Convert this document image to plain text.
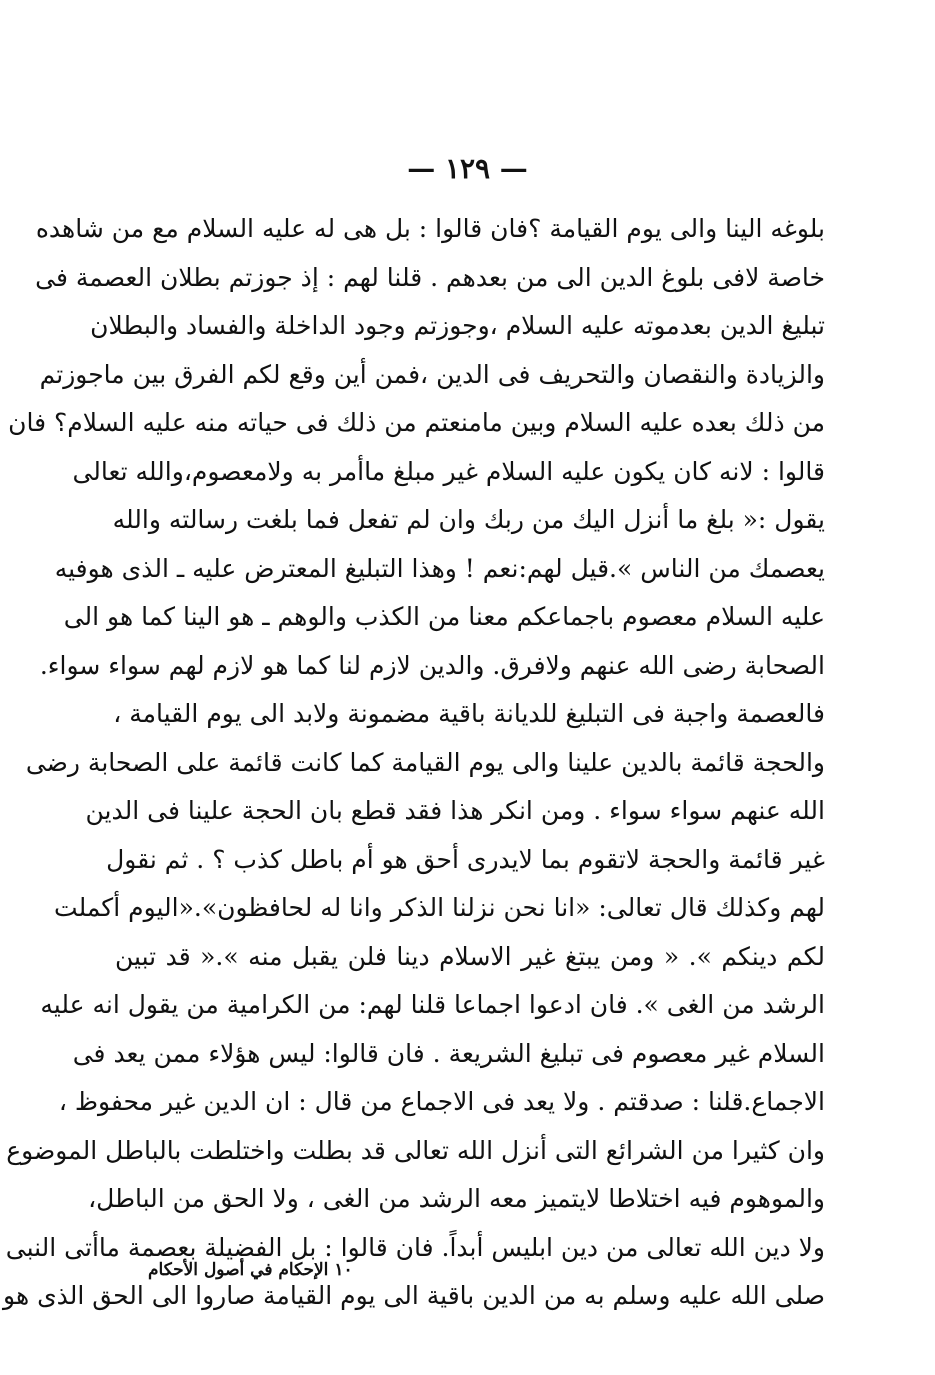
— ١٢٩ —
بلوغه الينا والى يوم القيامة ؟فان قالوا : بل هى له عليه السلام مع من شاهده
خاصة لافى بلوغ الدين الى من بعدهم . قلنا لهم : إذ جوزتم بطلان العصمة فى
تبليغ الدين بعدموته عليه السلام ،وجوزتم وجود الداخلة والفساد والبطلان
والزيادة والنقصان والتحريف فى الدين ،فمن أين وقع لكم الفرق بين ماجوزتم
من ذلك بعده عليه السلام وبين مامنعتم من ذلك فى حياته منه عليه السلام؟ فان
قالوا : لانه كان يكون عليه السلام غير مبلغ ماأمر به ولامعصوم،والله تعالى
يقول :« بلغ ما أنزل اليك من ربك وان لم تفعل فما بلغت رسالته والله
يعصمك من الناس ».قيل لهم:نعم ! وهذا التبليغ المعترض عليه ـ الذى هوفيه
عليه السلام معصوم باجماعكم معنا من الكذب والوهم ـ هو الينا كما هو الى
الصحابة رضى الله عنهم ولافرق. والدين لازم لنا كما هو لازم لهم سواء سواء.
فالعصمة واجبة فى التبليغ للديانة باقية مضمونة ولابد الى يوم القيامة ،
والحجة قائمة بالدين علينا والى يوم القيامة كما كانت قائمة على الصحابة رضى
الله عنهم سواء سواء . ومن انكر هذا فقد قطع بان الحجة علينا فى الدين
غير قائمة والحجة لاتقوم بما لايدرى أحق هو أم باطل كذب ؟ . ثم نقول
لهم وكذلك قال تعالى: «انا نحن نزلنا الذكر وانا له لحافظون».«اليوم أكملت
لكم دينكم ». « ومن يبتغ غير الاسلام دينا فلن يقبل منه ».« قد تبين
الرشد من الغى ». فان ادعوا اجماعا قلنا لهم: من الكرامية من يقول انه عليه
السلام غير معصوم فى تبليغ الشريعة . فان قالوا: ليس هؤلاء ممن يعد فى
الاجماع.قلنا : صدقتم . ولا يعد فى الاجماع من قال : ان الدين غير محفوظ ،
وان كثيرا من الشرائع التى أنزل الله تعالى قد بطلت واختلطت بالباطل الموضوع
والموهوم فيه اختلاطا لايتميز معه الرشد من الغى ، ولا الحق من الباطل،
ولا دين الله تعالى من دين ابليس أبداً. فان قالوا : بل الفضيلة بعصمة ماأتى النبى
صلى الله عليه وسلم به من الدين باقية الى يوم القيامة صاروا الى الحق الذى هو
١٠ الإحكام في أصول الأحكام
